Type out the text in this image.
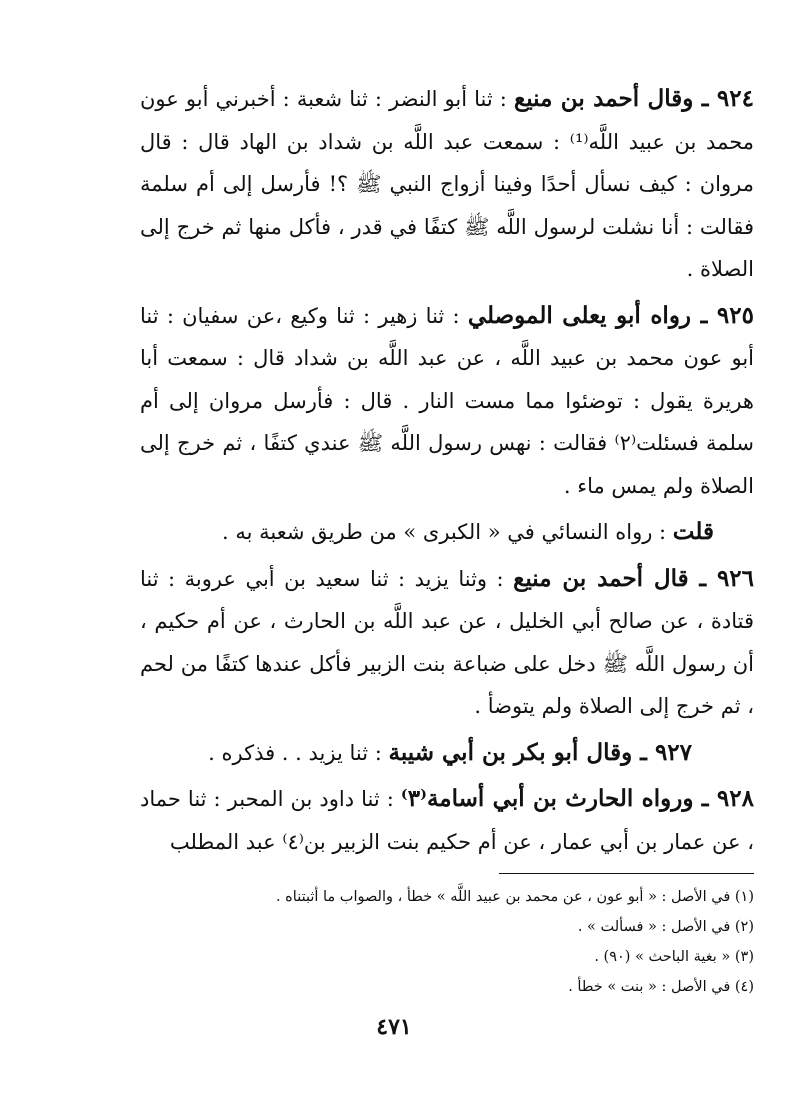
٩٢٤ ـ وقال أحمد بن منيع : ثنا أبو النضر : ثنا شعبة : أخبرني أبو عون محمد بن عبيد اللَّه⁽¹⁾ : سمعت عبد اللَّه بن شداد بن الهاد قال : قال مروان : كيف نسأل أحدًا وفينا أزواج النبي ﷺ ؟! فأرسل إلى أم سلمة فقالت : أنا نشلت لرسول اللَّه ﷺ كتفًا في قدر ، فأكل منها ثم خرج إلى الصلاة .

٩٢٥ ـ رواه أبو يعلى الموصلي : ثنا زهير : ثنا وكيع ،عن سفيان : ثنا أبو عون محمد بن عبيد اللَّه ، عن عبد اللَّه بن شداد قال : سمعت أبا هريرة يقول : توضئوا مما مست النار . قال : فأرسل مروان إلى أم سلمة فسئلت⁽٢⁾ فقالت : نهس رسول اللَّه ﷺ عندي كتفًا ، ثم خرج إلى الصلاة ولم يمس ماء .

قلت : رواه النسائي في « الكبرى » من طريق شعبة به .

٩٢٦ ـ قال أحمد بن منيع : وثنا يزيد : ثنا سعيد بن أبي عروبة : ثنا قتادة ، عن صالح أبي الخليل ، عن عبد اللَّه بن الحارث ، عن أم حكيم ، أن رسول اللَّه ﷺ دخل على ضباعة بنت الزبير فأكل عندها كتفًا من لحم ، ثم خرج إلى الصلاة ولم يتوضأ .

٩٢٧ ـ وقال أبو بكر بن أبي شيبة : ثنا يزيد . . فذكره .

٩٢٨ ـ ورواه الحارث بن أبي أسامة⁽٣⁾ : ثنا داود بن المحبر : ثنا حماد ، عن عمار بن أبي عمار ، عن أم حكيم بنت الزبير بن⁽٤⁾ عبد المطلب

(١) في الأصل : « أبو عون ، عن محمد بن عبيد اللَّه » خطأ ، والصواب ما أثبتناه .
(٢) في الأصل : « فسألت » .
(٣) « بغية الباحث » (٩٠) .
(٤) في الأصل : « بنت » خطأ .
٤٧١
